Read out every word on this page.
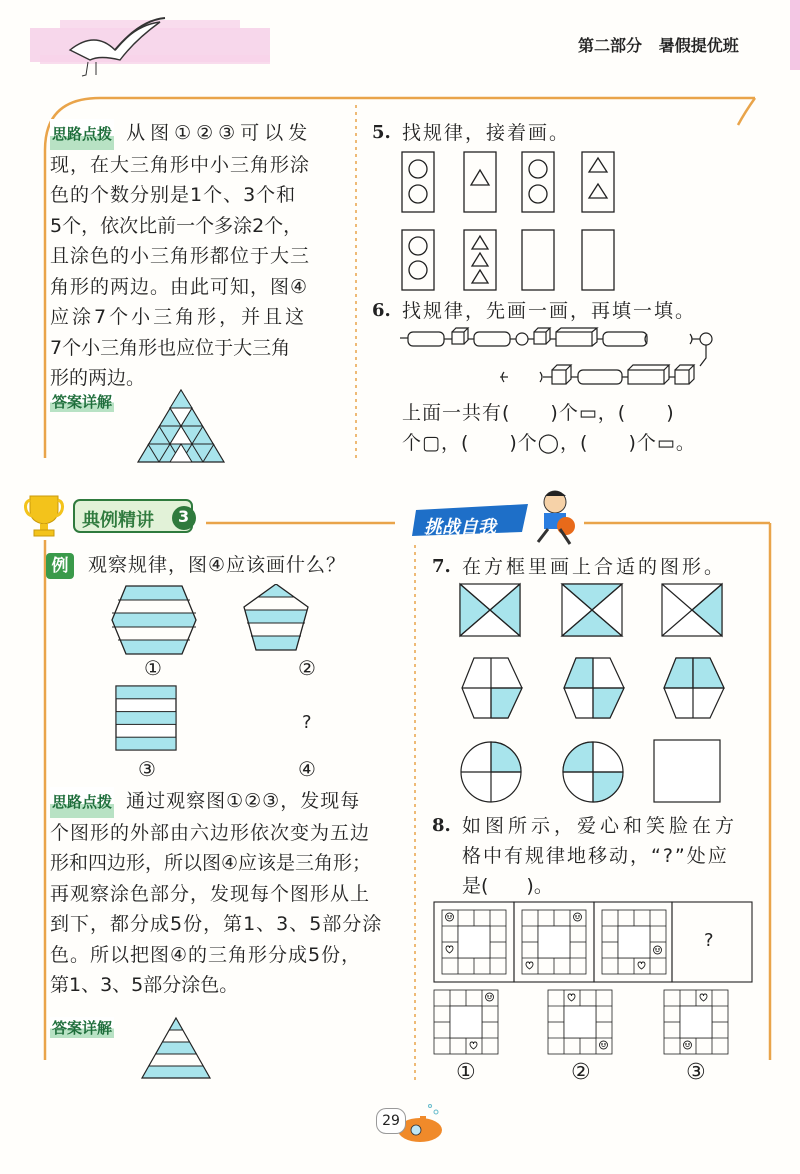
第二部分 暑假提优班
思路点拨 从图①②③可以发
现，在大三角形中小三角形涂
色的个数分别是1个、3个和
5个，依次比前一个多涂2个，
且涂色的小三角形都位于大三
角形的两边。由此可知，图④
应涂7个小三角形，并且这
7个小三角形也应位于大三角
形的两边。
答案详解
5. 找规律，接着画。
6. 找规律，先画一画，再填一填。
上面一共有(　　)个▭，(　　)
个▢，(　　)个◯，(　　)个▭。
典例精讲 3
挑战自我
例 观察规律，图④应该画什么？
①	②
?
③	④
思路点拨 通过观察图①②③，发现每
个图形的外部由六边形依次变为五边
形和四边形，所以图④应该是三角形；
再观察涂色部分，发现每个图形从上
到下，都分成5份，第1、3、5部分涂
色。所以把图④的三角形分成5份，
第1、3、5部分涂色。
答案详解
7. 在方框里画上合适的图形。
8. 如图所示，爱心和笑脸在方
格中有规律地移动，“?”处应
是(　　)。
?
①	②	③
29
